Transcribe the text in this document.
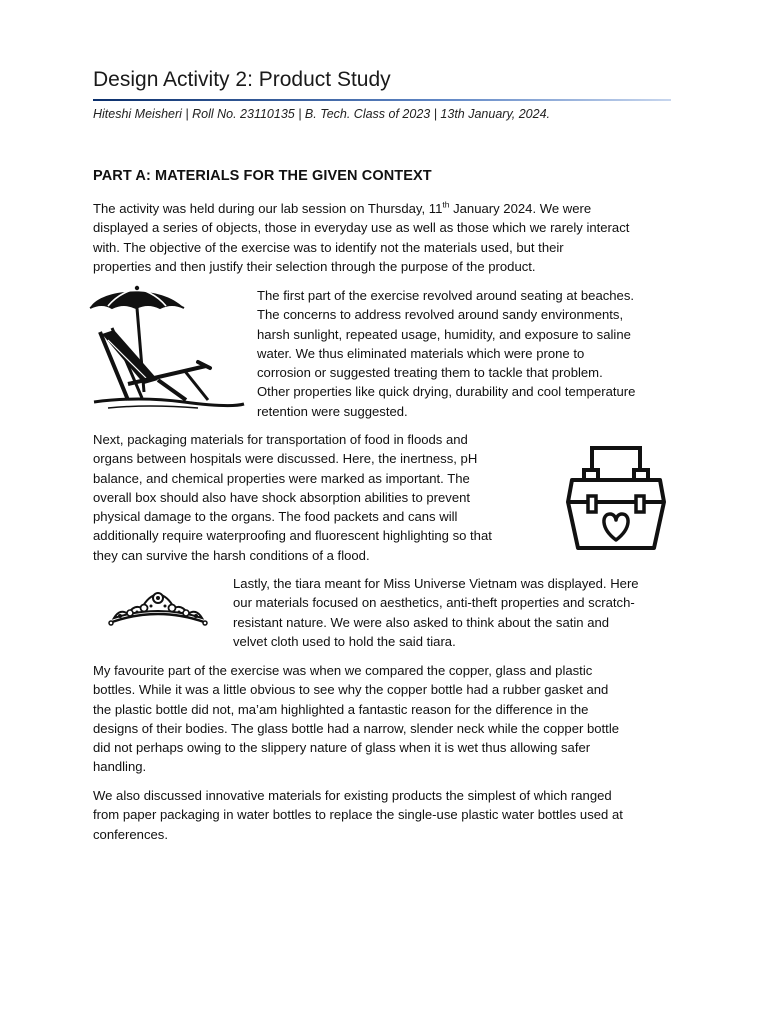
Design Activity 2: Product Study
Hiteshi Meisheri | Roll No. 23110135 | B. Tech. Class of 2023 | 13th January, 2024.
PART A: MATERIALS FOR THE GIVEN CONTEXT
The activity was held during our lab session on Thursday, 11th January 2024. We were
displayed a series of objects, those in everyday use as well as those which we rarely interact
with. The objective of the exercise was to identify not the materials used, but their
properties and then justify their selection through the purpose of the product.
The first part of the exercise revolved around seating at beaches.
The concerns to address revolved around sandy environments,
harsh sunlight, repeated usage, humidity, and exposure to saline
water. We thus eliminated materials which were prone to
corrosion or suggested treating them to tackle that problem.
Other properties like quick drying, durability and cool temperature
retention were suggested.
Next, packaging materials for transportation of food in floods and
organs between hospitals were discussed. Here, the inertness, pH
balance, and chemical properties were marked as important. The
overall box should also have shock absorption abilities to prevent
physical damage to the organs. The food packets and cans will
additionally require waterproofing and fluorescent highlighting so that
they can survive the harsh conditions of a flood.
Lastly, the tiara meant for Miss Universe Vietnam was displayed. Here
our materials focused on aesthetics, anti-theft properties and scratch-
resistant nature. We were also asked to think about the satin and
velvet cloth used to hold the said tiara.
My favourite part of the exercise was when we compared the copper, glass and plastic
bottles. While it was a little obvious to see why the copper bottle had a rubber gasket and
the plastic bottle did not, ma’am highlighted a fantastic reason for the difference in the
designs of their bodies. The glass bottle had a narrow, slender neck while the copper bottle
did not perhaps owing to the slippery nature of glass when it is wet thus allowing safer
handling.
We also discussed innovative materials for existing products the simplest of which ranged
from paper packaging in water bottles to replace the single-use plastic water bottles used at
conferences.
